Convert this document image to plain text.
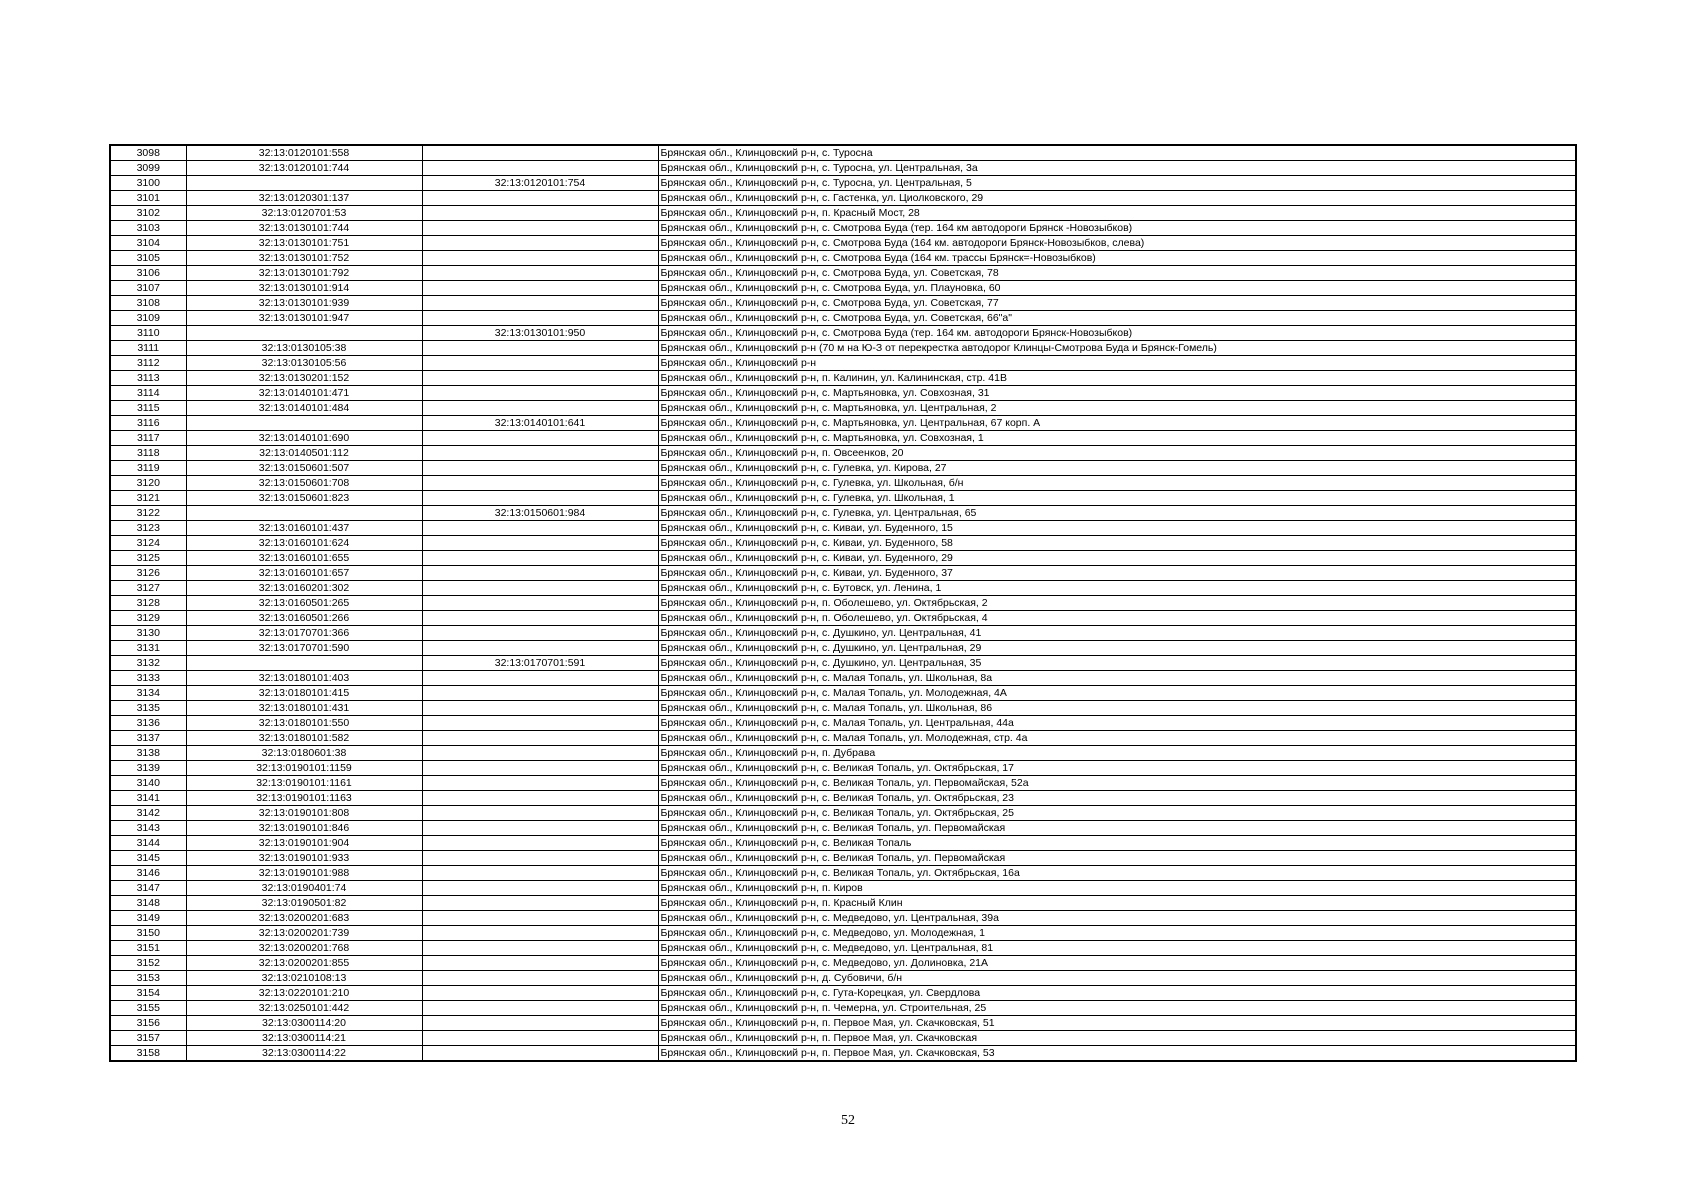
3098	32:13:0120101:558		Брянская обл., Клинцовский р-н, с. Туросна
3099	32:13:0120101:744		Брянская обл., Клинцовский р-н, с. Туросна, ул. Центральная, 3а
3100		32:13:0120101:754	Брянская обл., Клинцовский р-н, с. Туросна, ул. Центральная, 5
3101	32:13:0120301:137		Брянская обл., Клинцовский р-н, с. Гастенка, ул. Циолковского, 29
3102	32:13:0120701:53		Брянская обл., Клинцовский р-н, п. Красный Мост, 28
3103	32:13:0130101:744		Брянская обл., Клинцовский р-н, с. Смотрова Буда (тер. 164 км автодороги Брянск -Новозыбков)
3104	32:13:0130101:751		Брянская обл., Клинцовский р-н, с. Смотрова Буда (164 км. автодороги Брянск-Новозыбков, слева)
3105	32:13:0130101:752		Брянская обл., Клинцовский р-н, с. Смотрова Буда (164 км. трассы Брянск=-Новозыбков)
3106	32:13:0130101:792		Брянская обл., Клинцовский р-н, с. Смотрова Буда, ул. Советская, 78
3107	32:13:0130101:914		Брянская обл., Клинцовский р-н, с. Смотрова Буда, ул. Плауновка, 60
3108	32:13:0130101:939		Брянская обл., Клинцовский р-н, с. Смотрова Буда, ул. Советская, 77
3109	32:13:0130101:947		Брянская обл., Клинцовский р-н, с. Смотрова Буда, ул. Советская, 66"а"
3110		32:13:0130101:950	Брянская обл., Клинцовский р-н, с. Смотрова Буда (тер. 164 км. автодороги Брянск-Новозыбков)
3111	32:13:0130105:38		Брянская обл., Клинцовский р-н (70 м на Ю-З от перекрестка автодорог Клинцы-Смотрова Буда и Брянск-Гомель)
3112	32:13:0130105:56		Брянская обл., Клинцовский р-н
3113	32:13:0130201:152		Брянская обл., Клинцовский р-н, п. Калинин, ул. Калининская, стр. 41В
3114	32:13:0140101:471		Брянская обл., Клинцовский р-н, с. Мартьяновка, ул. Совхозная, 31
3115	32:13:0140101:484		Брянская обл., Клинцовский р-н, с. Мартьяновка, ул. Центральная, 2
3116		32:13:0140101:641	Брянская обл., Клинцовский р-н, с. Мартьяновка, ул. Центральная, 67 корп. А
3117	32:13:0140101:690		Брянская обл., Клинцовский р-н, с. Мартьяновка, ул. Совхозная, 1
3118	32:13:0140501:112		Брянская обл., Клинцовский р-н, п. Овсеенков, 20
3119	32:13:0150601:507		Брянская обл., Клинцовский р-н, с. Гулевка, ул. Кирова, 27
3120	32:13:0150601:708		Брянская обл., Клинцовский р-н, с. Гулевка, ул. Школьная, б/н
3121	32:13:0150601:823		Брянская обл., Клинцовский р-н, с. Гулевка, ул. Школьная, 1
3122		32:13:0150601:984	Брянская обл., Клинцовский р-н, с. Гулевка, ул. Центральная, 65
3123	32:13:0160101:437		Брянская обл., Клинцовский р-н, с. Киваи, ул. Буденного, 15
3124	32:13:0160101:624		Брянская обл., Клинцовский р-н, с. Киваи, ул. Буденного, 58
3125	32:13:0160101:655		Брянская обл., Клинцовский р-н, с. Киваи, ул. Буденного, 29
3126	32:13:0160101:657		Брянская обл., Клинцовский р-н, с. Киваи, ул. Буденного, 37
3127	32:13:0160201:302		Брянская обл., Клинцовский р-н, с. Бутовск, ул. Ленина, 1
3128	32:13:0160501:265		Брянская обл., Клинцовский р-н, п. Оболешево, ул. Октябрьская, 2
3129	32:13:0160501:266		Брянская обл., Клинцовский р-н, п. Оболешево, ул. Октябрьская, 4
3130	32:13:0170701:366		Брянская обл., Клинцовский р-н, с. Душкино, ул. Центральная, 41
3131	32:13:0170701:590		Брянская обл., Клинцовский р-н, с. Душкино, ул. Центральная, 29
3132		32:13:0170701:591	Брянская обл., Клинцовский р-н, с. Душкино, ул. Центральная, 35
3133	32:13:0180101:403		Брянская обл., Клинцовский р-н, с. Малая Топаль, ул. Школьная, 8а
3134	32:13:0180101:415		Брянская обл., Клинцовский р-н, с. Малая Топаль, ул. Молодежная, 4А
3135	32:13:0180101:431		Брянская обл., Клинцовский р-н, с. Малая Топаль, ул. Школьная, 86
3136	32:13:0180101:550		Брянская обл., Клинцовский р-н, с. Малая Топаль, ул. Центральная, 44а
3137	32:13:0180101:582		Брянская обл., Клинцовский р-н, с. Малая Топаль, ул. Молодежная, стр. 4а
3138	32:13:0180601:38		Брянская обл., Клинцовский р-н, п. Дубрава
3139	32:13:0190101:1159		Брянская обл., Клинцовский р-н, с. Великая Топаль, ул. Октябрьская, 17
3140	32:13:0190101:1161		Брянская обл., Клинцовский р-н, с. Великая Топаль, ул. Первомайская, 52а
3141	32:13:0190101:1163		Брянская обл., Клинцовский р-н, с. Великая Топаль, ул. Октябрьская, 23
3142	32:13:0190101:808		Брянская обл., Клинцовский р-н, с. Великая Топаль, ул. Октябрьская, 25
3143	32:13:0190101:846		Брянская обл., Клинцовский р-н, с. Великая Топаль, ул. Первомайская
3144	32:13:0190101:904		Брянская обл., Клинцовский р-н, с. Великая Топаль
3145	32:13:0190101:933		Брянская обл., Клинцовский р-н, с. Великая Топаль, ул. Первомайская
3146	32:13:0190101:988		Брянская обл., Клинцовский р-н, с. Великая Топаль, ул. Октябрьская, 16а
3147	32:13:0190401:74		Брянская обл., Клинцовский р-н, п. Киров
3148	32:13:0190501:82		Брянская обл., Клинцовский р-н, п. Красный Клин
3149	32:13:0200201:683		Брянская обл., Клинцовский р-н, с. Медведово, ул. Центральная, 39а
3150	32:13:0200201:739		Брянская обл., Клинцовский р-н, с. Медведово, ул. Молодежная, 1
3151	32:13:0200201:768		Брянская обл., Клинцовский р-н, с. Медведово, ул. Центральная, 81
3152	32:13:0200201:855		Брянская обл., Клинцовский р-н, с. Медведово, ул. Долиновка, 21А
3153	32:13:0210108:13		Брянская обл., Клинцовский р-н, д. Субовичи, б/н
3154	32:13:0220101:210		Брянская обл., Клинцовский р-н, с. Гута-Корецкая, ул. Свердлова
3155	32:13:0250101:442		Брянская обл., Клинцовский р-н, п. Чемерна, ул. Строительная, 25
3156	32:13:0300114:20		Брянская обл., Клинцовский р-н, п. Первое Мая, ул. Скачковская, 51
3157	32:13:0300114:21		Брянская обл., Клинцовский р-н, п. Первое Мая, ул. Скачковская
3158	32:13:0300114:22		Брянская обл., Клинцовский р-н, п. Первое Мая, ул. Скачковская, 53
52
